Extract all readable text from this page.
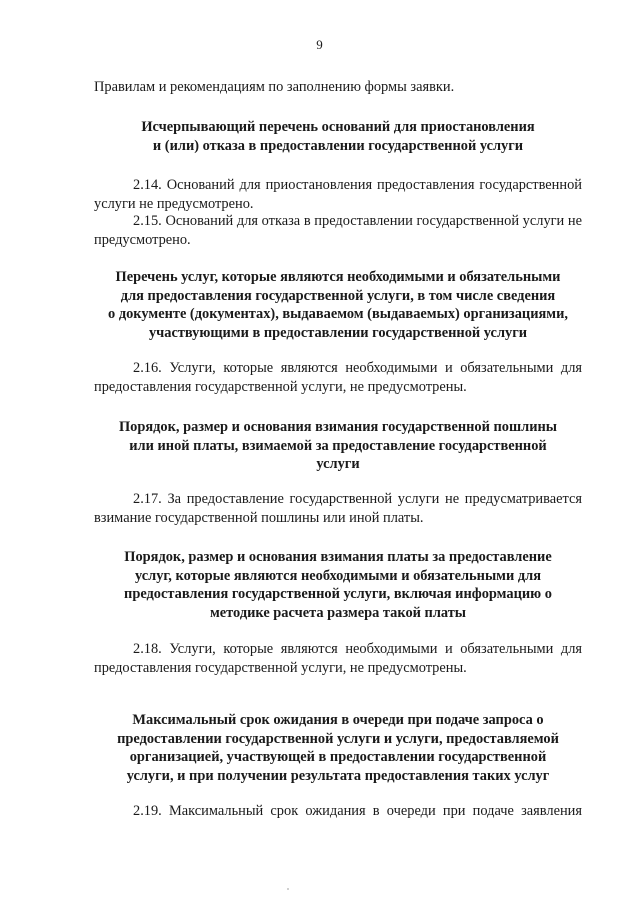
9

Правилам и рекомендациям по заполнению формы заявки.

Исчерпывающий перечень оснований для приостановления
и (или) отказа в предоставлении государственной услуги

2.14. Оснований для приостановления предоставления государственной услуги не предусмотрено.

2.15. Оснований для отказа в предоставлении государственной услуги не предусмотрено.

Перечень услуг, которые являются необходимыми и обязательными
для предоставления государственной услуги, в том числе сведения
о документе (документах), выдаваемом (выдаваемых) организациями,
участвующими в предоставлении государственной услуги

2.16. Услуги, которые являются необходимыми и обязательными для предоставления государственной услуги, не предусмотрены.

Порядок, размер и основания взимания государственной пошлины
или иной платы, взимаемой за предоставление государственной
услуги

2.17. За предоставление государственной услуги не предусматривается взимание государственной пошлины или иной платы.

Порядок, размер и основания взимания платы за предоставление
услуг, которые являются необходимыми и обязательными для
предоставления государственной услуги, включая информацию о
методике расчета размера такой платы

2.18. Услуги, которые являются необходимыми и обязательными для предоставления государственной услуги, не предусмотрены.

Максимальный срок ожидания в очереди при подаче запроса о
предоставлении государственной услуги и услуги, предоставляемой
организацией, участвующей в предоставлении государственной
услуги, и при получении результата предоставления таких услуг

2.19. Максимальный срок ожидания в очереди при подаче заявления
